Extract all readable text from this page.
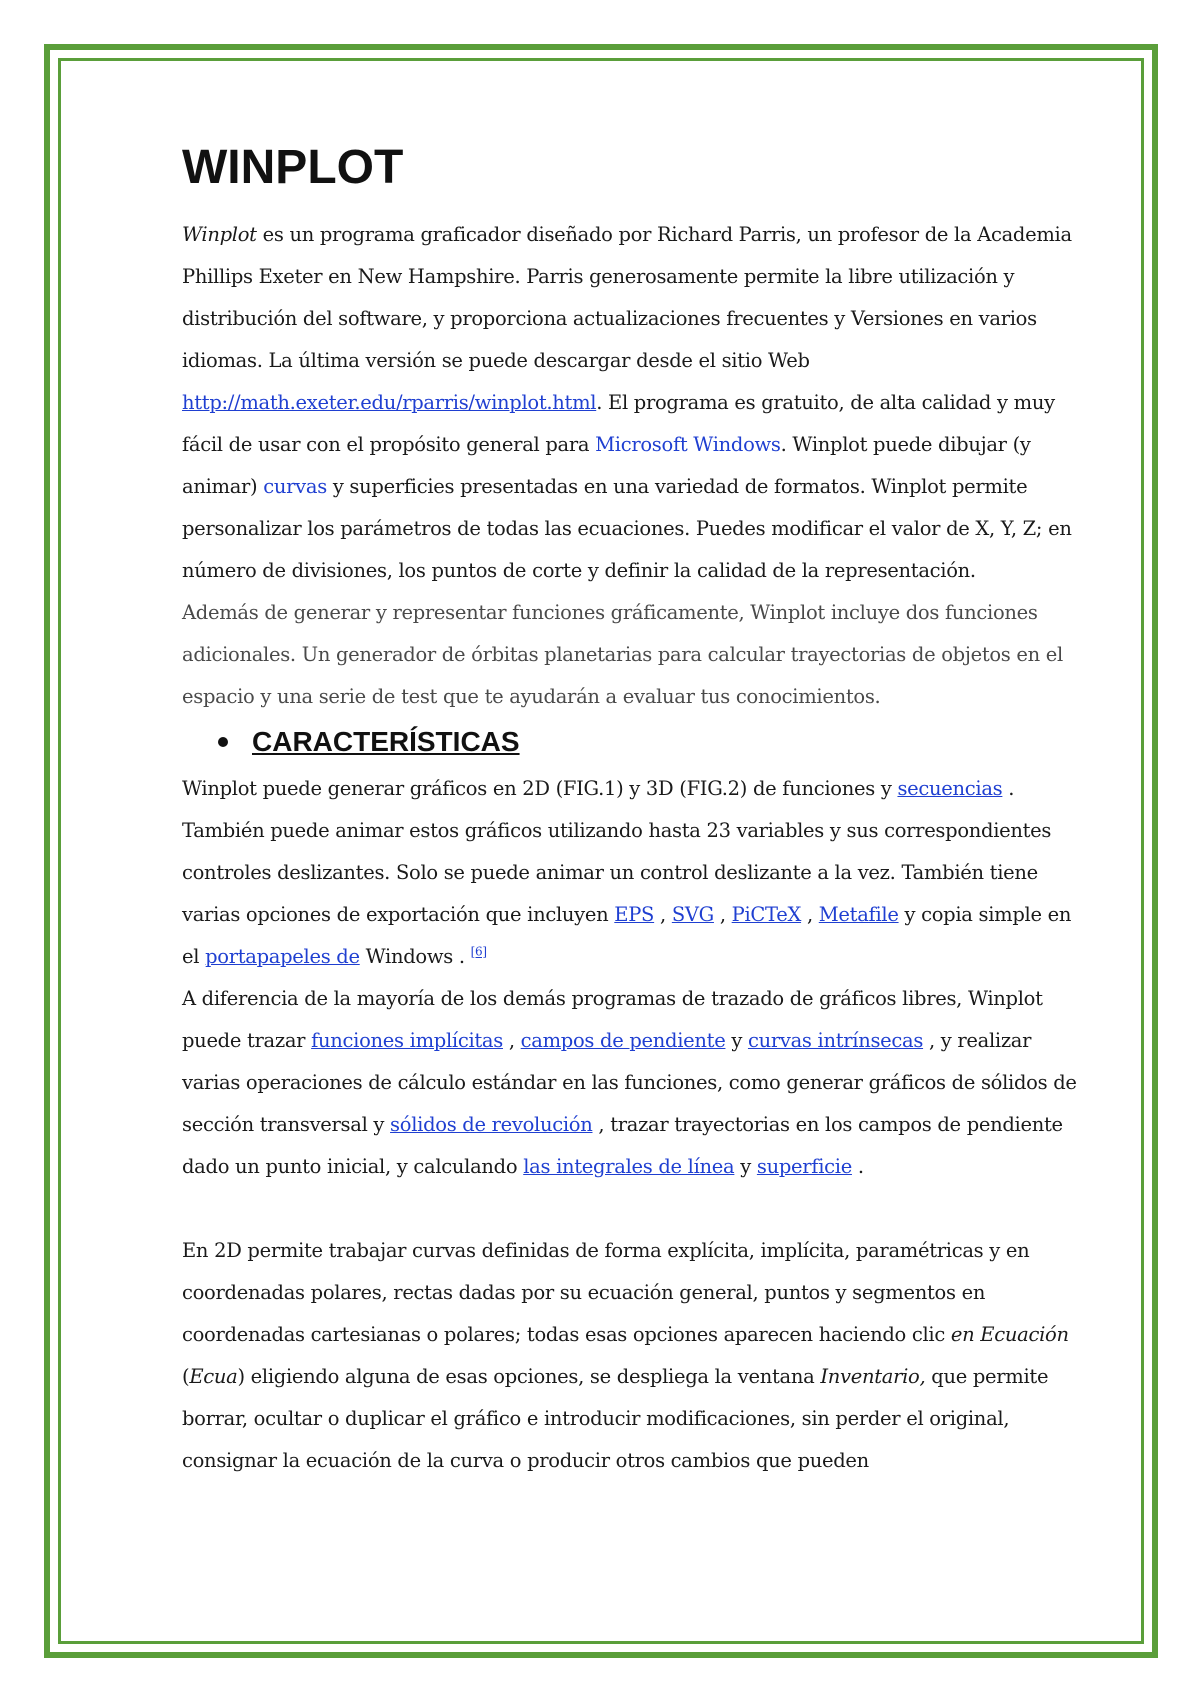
WINPLOT

Winplot es un programa graficador diseñado por Richard Parris, un profesor de la Academia Phillips Exeter en New Hampshire. Parris generosamente permite la libre utilización y distribución del software, y proporciona actualizaciones frecuentes y Versiones en varios idiomas. La última versión se puede descargar desde el sitio Web http://math.exeter.edu/rparris/winplot.html. El programa es gratuito, de alta calidad y muy fácil de usar con el propósito general para Microsoft Windows. Winplot puede dibujar (y animar) curvas y superficies presentadas en una variedad de formatos. Winplot permite personalizar los parámetros de todas las ecuaciones. Puedes modificar el valor de X, Y, Z; en número de divisiones, los puntos de corte y definir la calidad de la representación.

Además de generar y representar funciones gráficamente, Winplot incluye dos funciones adicionales. Un generador de órbitas planetarias para calcular trayectorias de objetos en el espacio y una serie de test que te ayudarán a evaluar tus conocimientos.

CARACTERÍSTICAS

Winplot puede generar gráficos en 2D (FIG.1) y 3D (FIG.2) de funciones y secuencias . También puede animar estos gráficos utilizando hasta 23 variables y sus correspondientes controles deslizantes. Solo se puede animar un control deslizante a la vez. También tiene varias opciones de exportación que incluyen EPS , SVG , PiCTeX , Metafile y copia simple en el portapapeles de Windows . [6]

A diferencia de la mayoría de los demás programas de trazado de gráficos libres, Winplot puede trazar funciones implícitas , campos de pendiente y curvas intrínsecas , y realizar varias operaciones de cálculo estándar en las funciones, como generar gráficos de sólidos de sección transversal y sólidos de revolución , trazar trayectorias en los campos de pendiente dado un punto inicial, y calculando las integrales de línea y superficie .

En 2D permite trabajar curvas definidas de forma explícita, implícita, paramétricas y en coordenadas polares, rectas dadas por su ecuación general, puntos y segmentos en coordenadas cartesianas o polares; todas esas opciones aparecen haciendo clic en Ecuación (Ecua) eligiendo alguna de esas opciones, se despliega la ventana Inventario, que permite borrar, ocultar o duplicar el gráfico e introducir modificaciones, sin perder el original, consignar la ecuación de la curva o producir otros cambios que pueden
